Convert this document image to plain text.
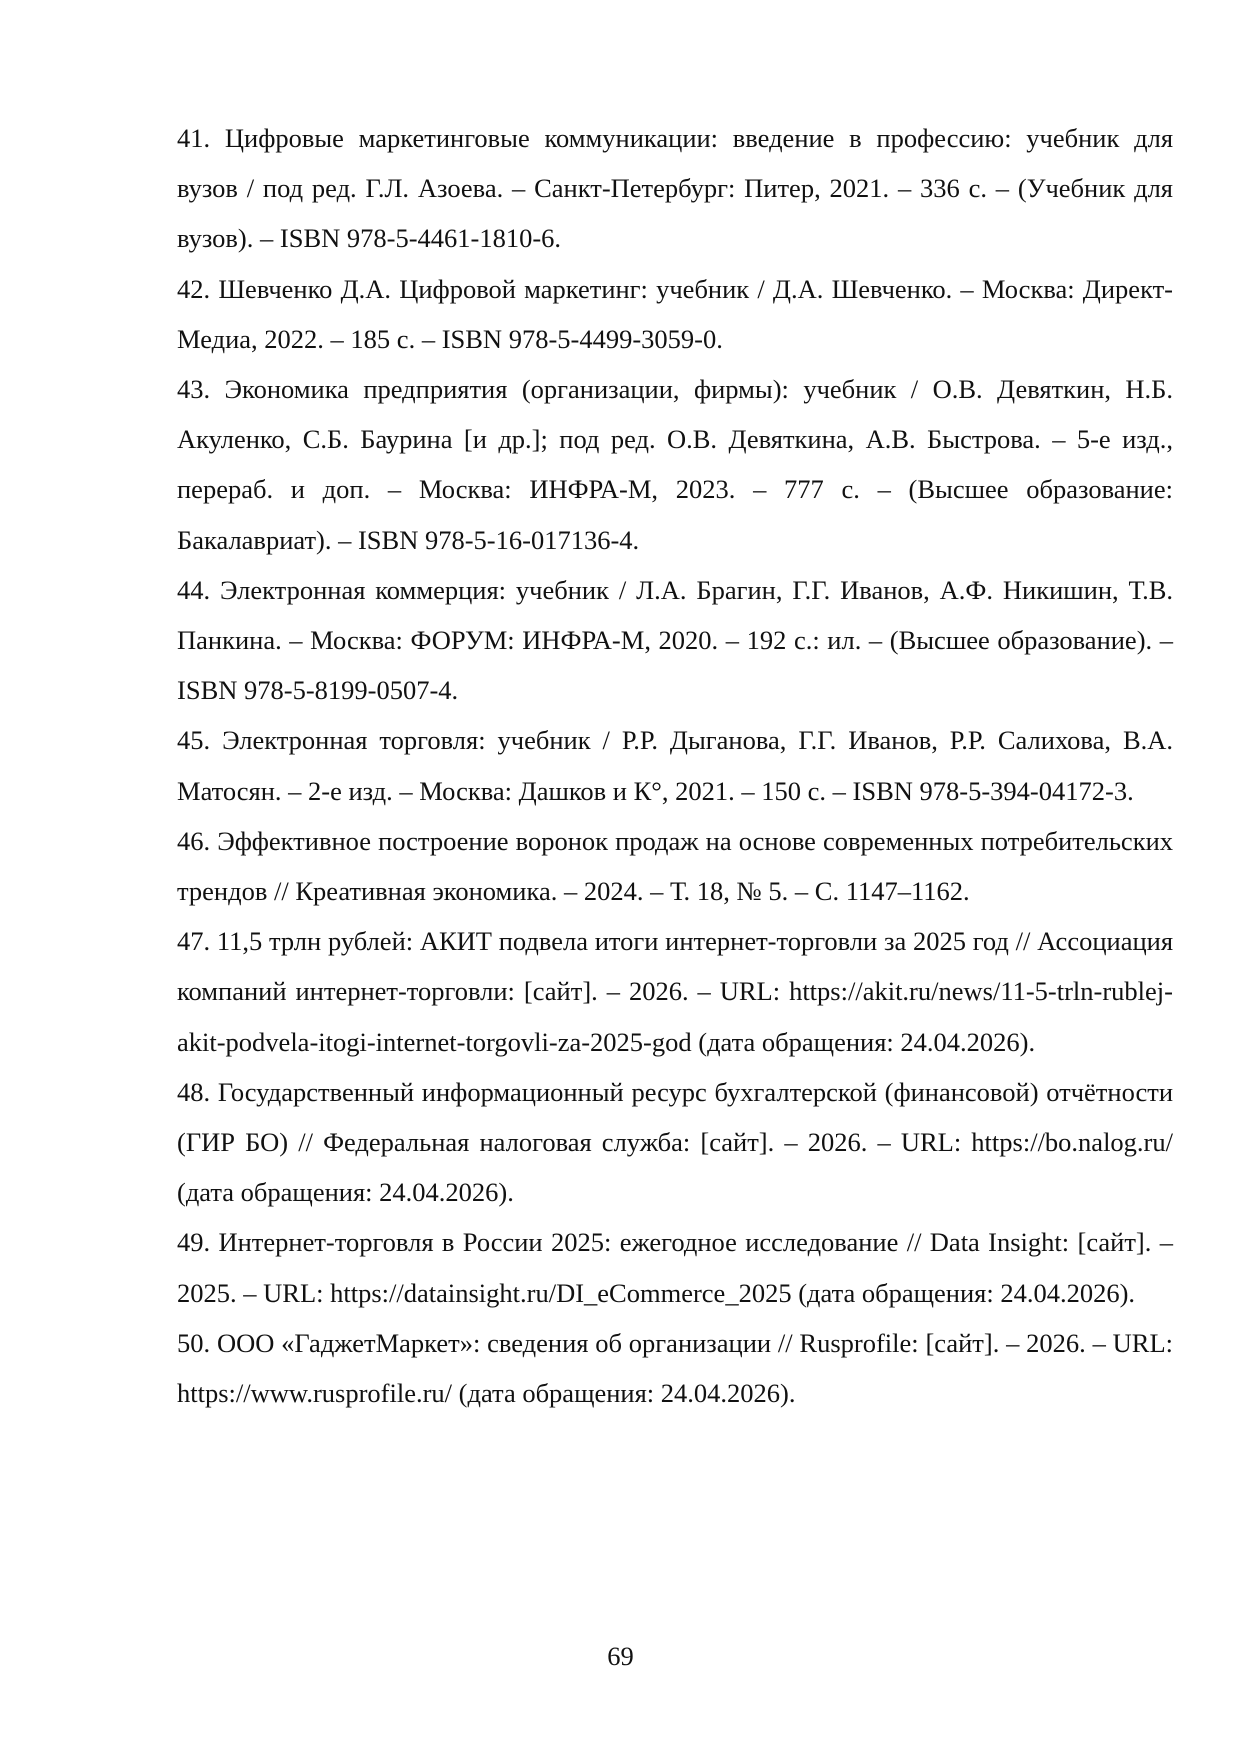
41. Цифровые маркетинговые коммуникации: введение в профессию: учебник для вузов / под ред. Г.Л. Азоева. – Санкт-Петербург: Питер, 2021. – 336 с. – (Учебник для вузов). – ISBN 978-5-4461-1810-6.
42. Шевченко Д.А. Цифровой маркетинг: учебник / Д.А. Шевченко. – Москва: Директ-Медиа, 2022. – 185 с. – ISBN 978-5-4499-3059-0.
43. Экономика предприятия (организации, фирмы): учебник / О.В. Девяткин, Н.Б. Акуленко, С.Б. Баурина [и др.]; под ред. О.В. Девяткина, А.В. Быстрова. – 5-е изд., перераб. и доп. – Москва: ИНФРА-М, 2023. – 777 с. – (Высшее образование: Бакалавриат). – ISBN 978-5-16-017136-4.
44. Электронная коммерция: учебник / Л.А. Брагин, Г.Г. Иванов, А.Ф. Никишин, Т.В. Панкина. – Москва: ФОРУМ: ИНФРА-М, 2020. – 192 с.: ил. – (Высшее образование). – ISBN 978-5-8199-0507-4.
45. Электронная торговля: учебник / Р.Р. Дыганова, Г.Г. Иванов, Р.Р. Салихова, В.А. Матосян. – 2-е изд. – Москва: Дашков и К°, 2021. – 150 с. – ISBN 978-5-394-04172-3.
46. Эффективное построение воронок продаж на основе современных потребительских трендов // Креативная экономика. – 2024. – Т. 18, № 5. – С. 1147–1162.
47. 11,5 трлн рублей: АКИТ подвела итоги интернет-торговли за 2025 год // Ассоциация компаний интернет-торговли: [сайт]. – 2026. – URL: https://akit.ru/news/11-5-trln-rublej-akit-podvela-itogi-internet-torgovli-za-2025-god (дата обращения: 24.04.2026).
48. Государственный информационный ресурс бухгалтерской (финансовой) отчётности (ГИР БО) // Федеральная налоговая служба: [сайт]. – 2026. – URL: https://bo.nalog.ru/ (дата обращения: 24.04.2026).
49. Интернет-торговля в России 2025: ежегодное исследование // Data Insight: [сайт]. – 2025. – URL: https://datainsight.ru/DI_eCommerce_2025 (дата обращения: 24.04.2026).
50. ООО «ГаджетМаркет»: сведения об организации // Rusprofile: [сайт]. – 2026. – URL: https://www.rusprofile.ru/ (дата обращения: 24.04.2026).
69
